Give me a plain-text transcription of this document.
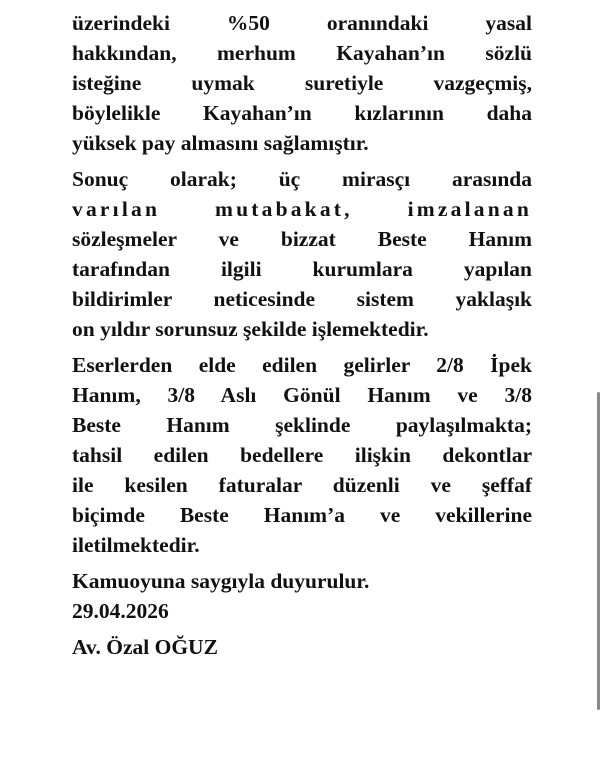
üzerindeki %50 oranındaki yasal
hakkından, merhum Kayahan’ın sözlü
isteğine uymak suretiyle vazgeçmiş,
böylelikle Kayahan’ın kızlarının daha
yüksek pay almasını sağlamıştır.
Sonuç olarak; üç mirasçı arasında
varılan mutabakat, imzalanan
sözleşmeler ve bizzat Beste Hanım
tarafından ilgili kurumlara yapılan
bildirimler neticesinde sistem yaklaşık
on yıldır sorunsuz şekilde işlemektedir.
Eserlerden elde edilen gelirler 2/8 İpek
Hanım, 3/8 Aslı Gönül Hanım ve 3/8
Beste Hanım şeklinde paylaşılmakta;
tahsil edilen bedellere ilişkin dekontlar
ile kesilen faturalar düzenli ve şeffaf
biçimde Beste Hanım’a ve vekillerine
iletilmektedir.
Kamuoyuna saygıyla duyurulur.
29.04.2026
Av. Özal OĞUZ
